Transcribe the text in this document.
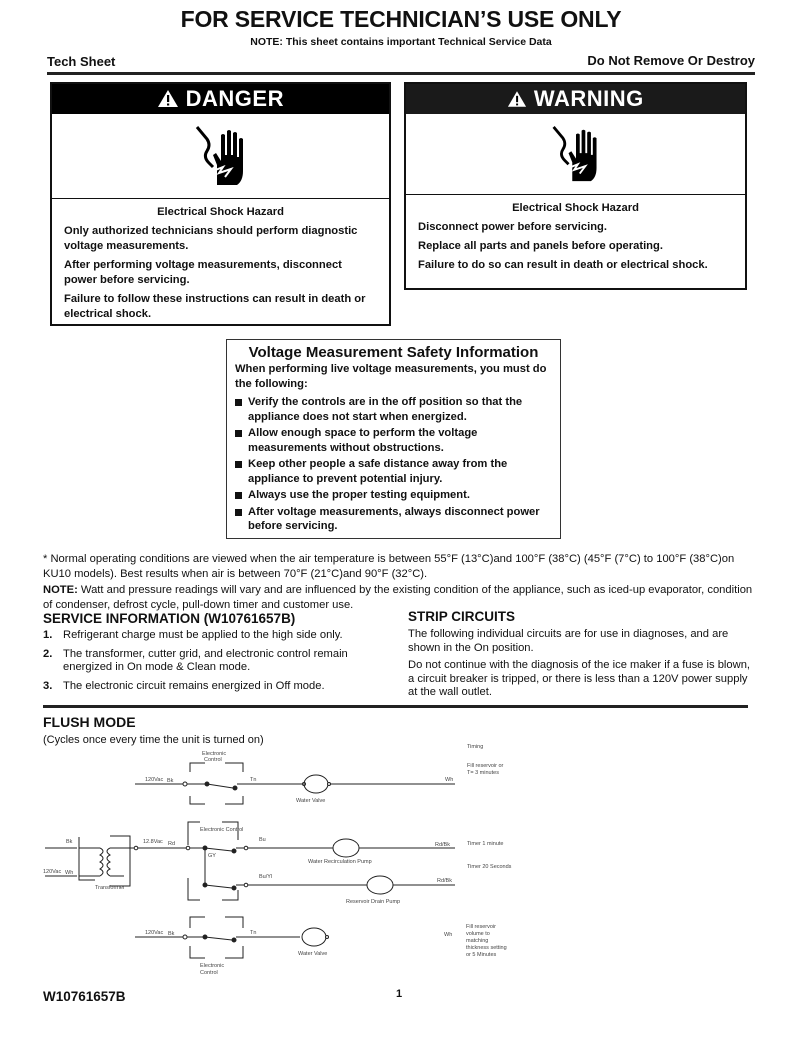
FOR SERVICE TECHNICIAN’S USE ONLY
NOTE: This sheet contains important Technical Service Data
Tech Sheet	Do Not Remove Or Destroy
DANGER
Electrical Shock Hazard

Only authorized technicians should perform diagnostic voltage measurements.

After performing voltage measurements, disconnect power before servicing.

Failure to follow these instructions can result in death or electrical shock.

WARNING
Electrical Shock Hazard

Disconnect power before servicing.

Replace all parts and panels before operating.

Failure to do so can result in death or electrical shock.

Voltage Measurement Safety Information
When performing live voltage measurements, you must do the following:
Verify the controls are in the off position so that the appliance does not start when energized.
Allow enough space to perform the voltage measurements without obstructions.
Keep other people a safe distance away from the appliance to prevent potential injury.
Always use the proper testing equipment.
After voltage measurements, always disconnect power before servicing.
* Normal operating conditions are viewed when the air temperature is between 55°F (13°C)and 100°F (38°C) (45°F (7°C) to 100°F (38°C)on KU10 models). Best results when air is between 70°F (21°C)and 90°F (32°C).
NOTE: Watt and pressure readings will vary and are influenced by the existing condition of the appliance, such as iced-up evaporator, condition of condenser, defrost cycle, pull-down timer and customer use.
SERVICE INFORMATION (W10761657B)
1. Refrigerant charge must be applied to the high side only.
2. The transformer, cutter grid, and electronic control remain energized in On mode & Clean mode.
3. The electronic circuit remains energized in Off mode.
STRIP CIRCUITS

The following individual circuits are for use in diagnoses, and are shown in the On position.

Do not continue with the diagnosis of the ice maker if a fuse is blown, a circuit breaker is tripped, or there is less than a 120V power supply at the wall outlet.

FLUSH MODE
(Cycles once every time the unit is turned on)
Timing
Electronic
Control
120Vac Bk	Tn
Water Valve
Wh
Fill reservoir or
T= 3 minutes
Bk
120Vac Wh
Transformer
12.8Vac Rd
Electronic Control
GY
Bu
Water Recirculation Pump
Rd/Bk	Timer 1 minute
Bu/Yl
Reservoir Drain Pump
Rd/Bk
Timer 20 Seconds
120Vac Bk	Tn
Water Valve
Wh
Electronic
Control
Fill reservoir
volume to
matching
thickness setting
or 5 Minutes
W10761657B	1
